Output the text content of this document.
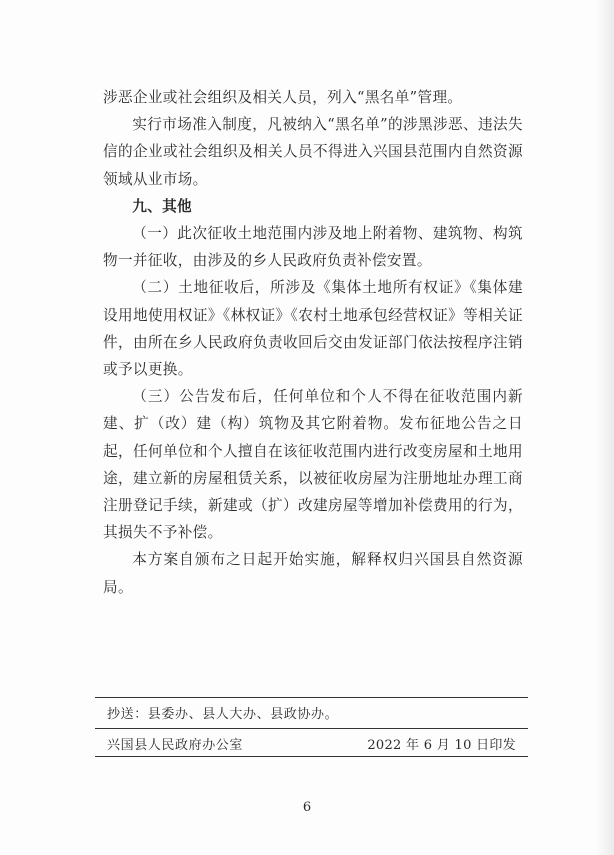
涉恶企业或社会组织及相关人员，列入“黑名单”管理。

实行市场准入制度，凡被纳入“黑名单”的涉黑涉恶、违法失信的企业或社会组织及相关人员不得进入兴国县范围内自然资源领域从业市场。

九、其他

（一）此次征收土地范围内涉及地上附着物、建筑物、构筑物一并征收，由涉及的乡人民政府负责补偿安置。

（二）土地征收后，所涉及《集体土地所有权证》《集体建设用地使用权证》《林权证》《农村土地承包经营权证》等相关证件，由所在乡人民政府负责收回后交由发证部门依法按程序注销或予以更换。

（三）公告发布后，任何单位和个人不得在征收范围内新建、扩（改）建（构）筑物及其它附着物。发布征地公告之日起，任何单位和个人擅自在该征收范围内进行改变房屋和土地用途，建立新的房屋租赁关系，以被征收房屋为注册地址办理工商注册登记手续，新建或（扩）改建房屋等增加补偿费用的行为，其损失不予补偿。

本方案自颁布之日起开始实施，解释权归兴国县自然资源局。

抄送：县委办、县人大办、县政协办。
兴国县人民政府办公室	2022 年 6 月 10 日印发
6
